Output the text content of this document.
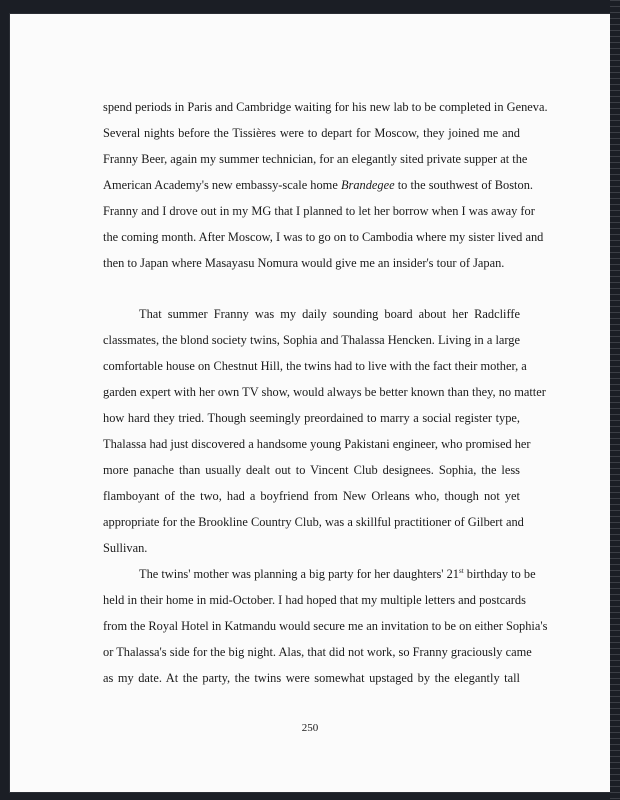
spend periods in Paris and Cambridge waiting for his new lab to be completed in Geneva.
Several nights before the Tissières were to depart for Moscow, they joined me and
Franny Beer, again my summer technician, for an elegantly sited private supper at the
American Academy's new embassy-scale home Brandegee to the southwest of Boston.
Franny and I drove out in my MG that I planned to let her borrow when I was away for
the coming month. After Moscow, I was to go on to Cambodia where my sister lived and
then to Japan where Masayasu Nomura would give me an insider's tour of Japan.
That summer Franny was my daily sounding board about her Radcliffe
classmates, the blond society twins, Sophia and Thalassa Hencken. Living in a large
comfortable house on Chestnut Hill, the twins had to live with the fact their mother, a
garden expert with her own TV show, would always be better known than they, no matter
how hard they tried. Though seemingly preordained to marry a social register type,
Thalassa had just discovered a handsome young Pakistani engineer, who promised her
more panache than usually dealt out to Vincent Club designees. Sophia, the less
flamboyant of the two, had a boyfriend from New Orleans who, though not yet
appropriate for the Brookline Country Club, was a skillful practitioner of Gilbert and
Sullivan.
The twins' mother was planning a big party for her daughters' 21st birthday to be
held in their home in mid-October. I had hoped that my multiple letters and postcards
from the Royal Hotel in Katmandu would secure me an invitation to be on either Sophia's
or Thalassa's side for the big night. Alas, that did not work, so Franny graciously came
as my date. At the party, the twins were somewhat upstaged by the elegantly tall
250
